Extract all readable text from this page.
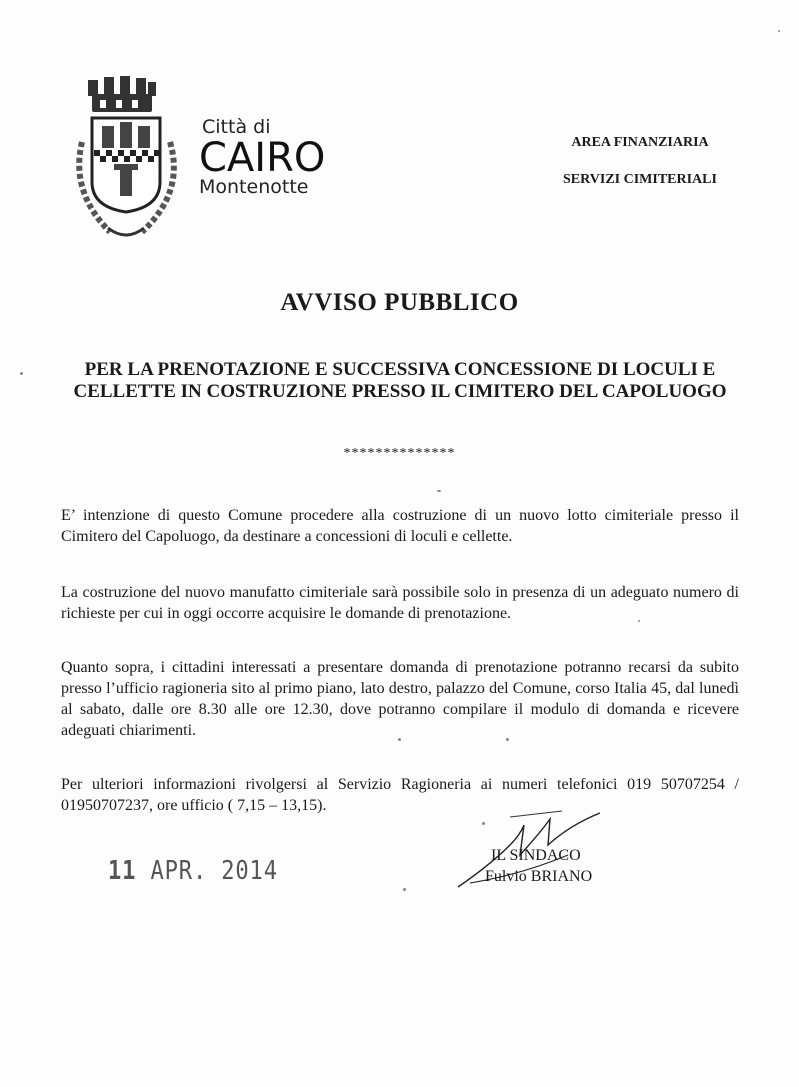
Città di
CAIRO
Montenotte
AREA FINANZIARIA
SERVIZI CIMITERIALI
AVVISO PUBBLICO
PER LA PRENOTAZIONE E SUCCESSIVA CONCESSIONE DI LOCULI E CELLETTE IN COSTRUZIONE PRESSO IL CIMITERO DEL CAPOLUOGO
**************
E’ intenzione di questo Comune procedere alla costruzione di un nuovo lotto cimiteriale presso il Cimitero del Capoluogo, da destinare a concessioni di loculi e cellette.
La costruzione del nuovo manufatto cimiteriale sarà possibile solo in presenza di un adeguato numero di richieste per cui in oggi occorre acquisire le domande di prenotazione.
Quanto sopra, i cittadini interessati a presentare domanda di prenotazione potranno recarsi da subito presso l’ufficio ragioneria sito al primo piano, lato destro, palazzo del Comune, corso Italia 45, dal lunedì al sabato, dalle ore 8.30 alle ore 12.30, dove potranno compilare il modulo di domanda e ricevere adeguati chiarimenti.
Per ulteriori informazioni rivolgersi al Servizio Ragioneria ai numeri telefonici 019 50707254 / 01950707237, ore ufficio ( 7,15 – 13,15).
11 APR. 2014
IL SINDACO
Fulvio BRIANO
